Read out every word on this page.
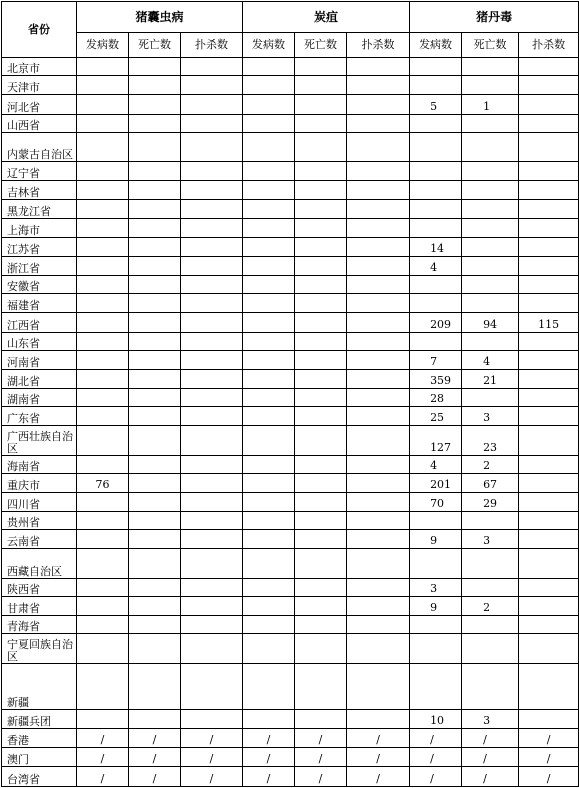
省份	猪囊虫病			炭疽			猪丹毒		
	发病数	死亡数	扑杀数	发病数	死亡数	扑杀数	发病数	死亡数	扑杀数
北京市									
天津市									
河北省							5	1	
山西省									
内蒙古自治区									
辽宁省									
吉林省									
黑龙江省									
上海市									
江苏省							14		
浙江省							4		
安徽省									
福建省									
江西省							209	94	115
山东省									
河南省							7	4	
湖北省							359	21	
湖南省							28		
广东省							25	3	
广西壮族自治区							127	23	
海南省							4	2	
重庆市	76						201	67	
四川省							70	29	
贵州省									
云南省							9	3	
西藏自治区									
陕西省							3		
甘肃省							9	2	
青海省									
宁夏回族自治区									
新疆									
新疆兵团							10	3	
香港	/	/	/	/	/	/	/	/	/
澳门	/	/	/	/	/	/	/	/	/
台湾省	/	/	/	/	/	/	/	/	/
